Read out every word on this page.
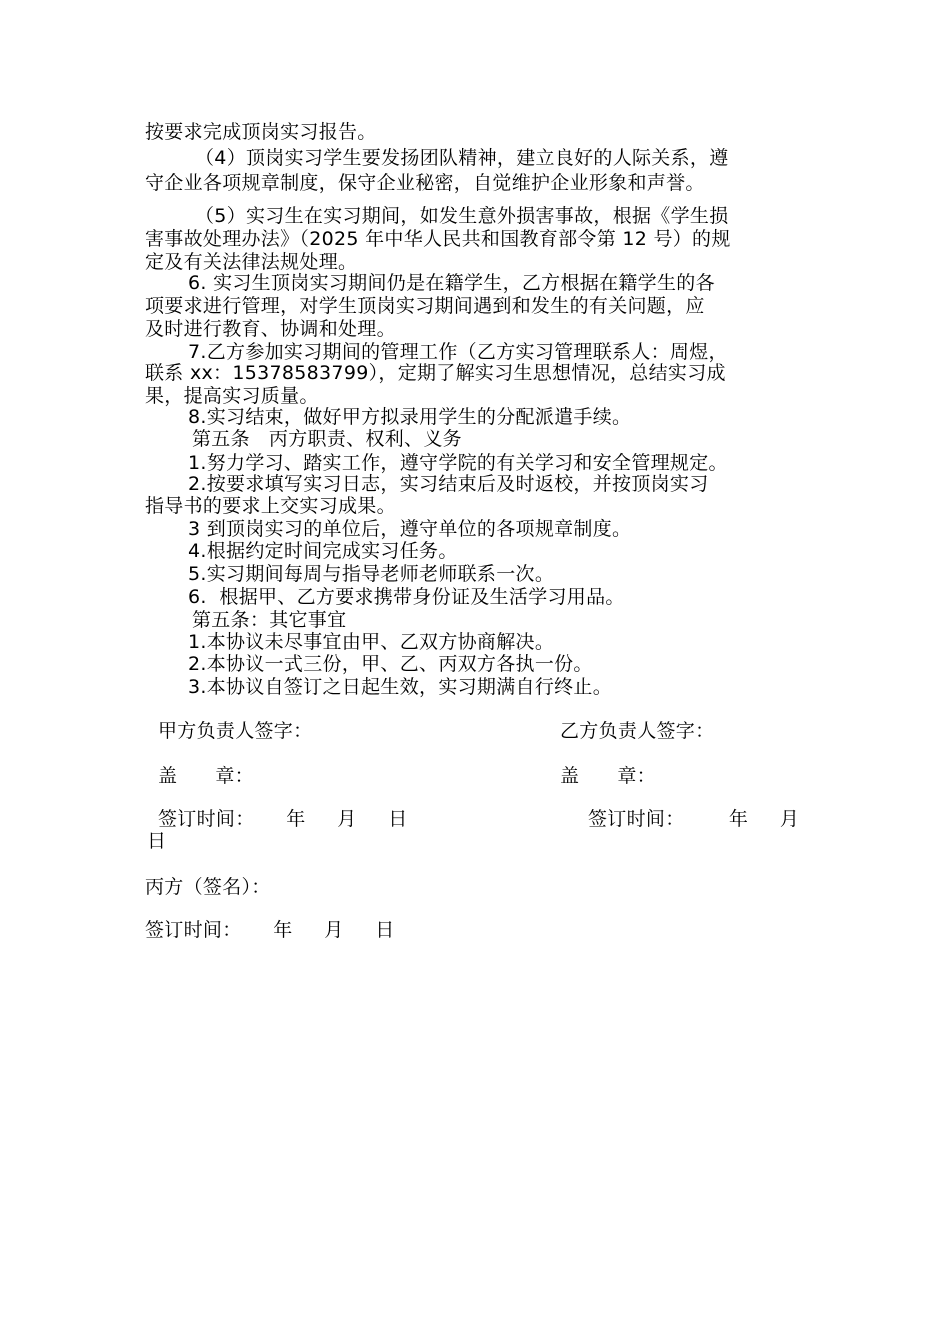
按要求完成顶岗实习报告。
（4）顶岗实习学生要发扬团队精神，建立良好的人际关系，遵
守企业各项规章制度，保守企业秘密，自觉维护企业形象和声誉。
（5）实习生在实习期间，如发生意外损害事故，根据《学生损
害事故处理办法》（2025 年中华人民共和国教育部令第 12 号）的规
定及有关法律法规处理。
6. 实习生顶岗实习期间仍是在籍学生，乙方根据在籍学生的各
项要求进行管理，对学生顶岗实习期间遇到和发生的有关问题，应
及时进行教育、协调和处理。
7.乙方参加实习期间的管理工作（乙方实习管理联系人：周煜，
联系 xx：15378583799），定期了解实习生思想情况，总结实习成
果，提高实习质量。
8.实习结束，做好甲方拟录用学生的分配派遣手续。
第五条   丙方职责、权利、义务
1.努力学习、踏实工作，遵守学院的有关学习和安全管理规定。
2.按要求填写实习日志，实习结束后及时返校，并按顶岗实习
指导书的要求上交实习成果。
3 到顶岗实习的单位后，遵守单位的各项规章制度。
4.根据约定时间完成实习任务。
5.实习期间每周与指导老师老师联系一次。
6.  根据甲、乙方要求携带身份证及生活学习用品。
第五条：其它事宜
1.本协议未尽事宜由甲、乙双方协商解决。
2.本协议一式三份，甲、乙、丙双方各执一份。
3.本协议自签订之日起生效，实习期满自行终止。
甲方负责人签字：	乙方负责人签字：
盖      章：	盖      章：
签订时间：     年     月     日	签订时间：       年     月
日
丙方（签名）：
签订时间：     年     月     日
